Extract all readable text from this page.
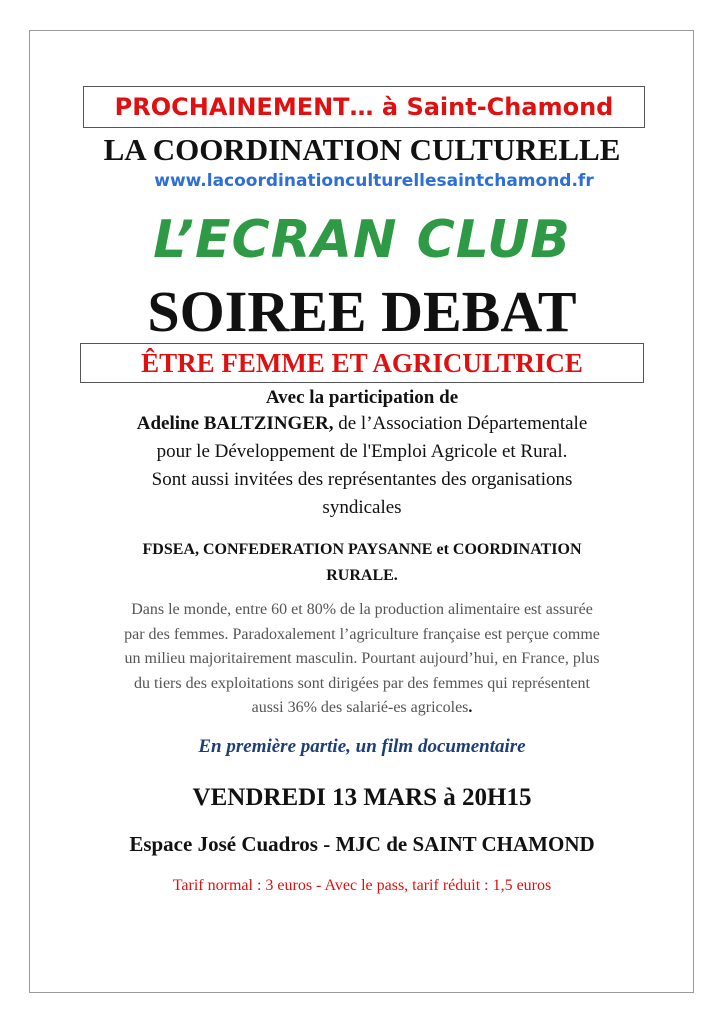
PROCHAINEMENT… à Saint-Chamond
LA COORDINATION CULTURELLE
www.lacoordinationculturellesaintchamond.fr
L’ECRAN CLUB
SOIREE DEBAT
ÊTRE FEMME ET AGRICULTRICE
Avec la participation de
Adeline BALTZINGER, de l’Association Départementale
pour le Développement de l'Emploi Agricole et Rural.
Sont aussi invitées des représentantes des organisations
syndicales
FDSEA, CONFEDERATION PAYSANNE et COORDINATION
RURALE.
Dans le monde, entre 60 et 80% de la production alimentaire est assurée
par des femmes. Paradoxalement l’agriculture française est perçue comme
un milieu majoritairement masculin. Pourtant aujourd’hui, en France, plus
du tiers des exploitations sont dirigées par des femmes qui représentent
aussi 36% des salarié-es agricoles.
En première partie, un film documentaire
VENDREDI 13 MARS à 20H15
Espace José Cuadros - MJC de SAINT CHAMOND
Tarif normal : 3 euros - Avec le pass, tarif réduit : 1,5 euros
